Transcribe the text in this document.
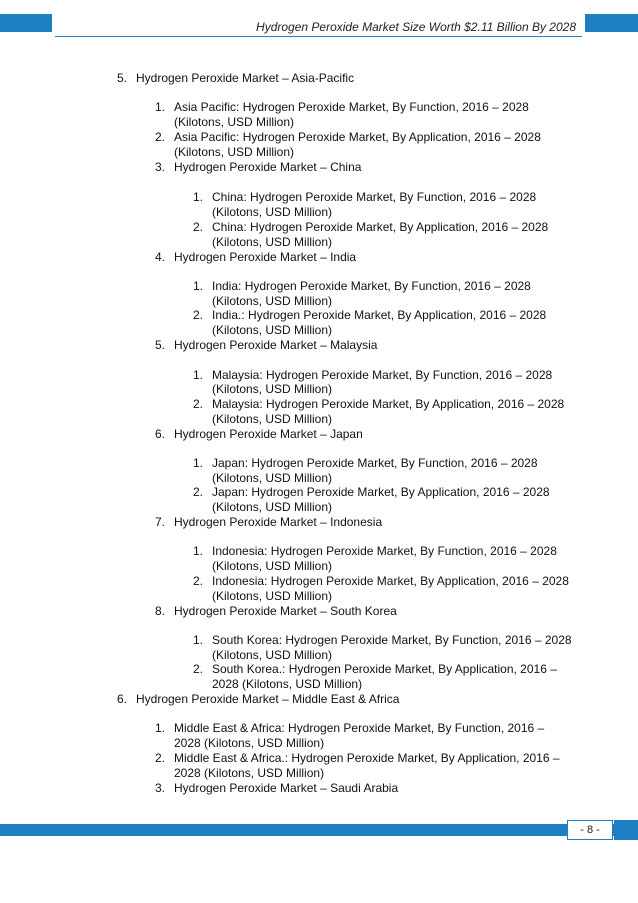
Hydrogen Peroxide Market Size Worth $2.11 Billion By 2028
5. Hydrogen Peroxide Market – Asia-Pacific
1. Asia Pacific: Hydrogen Peroxide Market, By Function, 2016 – 2028
(Kilotons, USD Million)
2. Asia Pacific: Hydrogen Peroxide Market, By Application, 2016 – 2028
(Kilotons, USD Million)
3. Hydrogen Peroxide Market – China
1. China: Hydrogen Peroxide Market, By Function, 2016 – 2028
(Kilotons, USD Million)
2. China: Hydrogen Peroxide Market, By Application, 2016 – 2028
(Kilotons, USD Million)
4. Hydrogen Peroxide Market – India
1. India: Hydrogen Peroxide Market, By Function, 2016 – 2028
(Kilotons, USD Million)
2. India.: Hydrogen Peroxide Market, By Application, 2016 – 2028
(Kilotons, USD Million)
5. Hydrogen Peroxide Market – Malaysia
1. Malaysia: Hydrogen Peroxide Market, By Function, 2016 – 2028
(Kilotons, USD Million)
2. Malaysia: Hydrogen Peroxide Market, By Application, 2016 – 2028
(Kilotons, USD Million)
6. Hydrogen Peroxide Market – Japan
1. Japan: Hydrogen Peroxide Market, By Function, 2016 – 2028
(Kilotons, USD Million)
2. Japan: Hydrogen Peroxide Market, By Application, 2016 – 2028
(Kilotons, USD Million)
7. Hydrogen Peroxide Market – Indonesia
1. Indonesia: Hydrogen Peroxide Market, By Function, 2016 – 2028
(Kilotons, USD Million)
2. Indonesia: Hydrogen Peroxide Market, By Application, 2016 – 2028
(Kilotons, USD Million)
8. Hydrogen Peroxide Market – South Korea
1. South Korea: Hydrogen Peroxide Market, By Function, 2016 – 2028
(Kilotons, USD Million)
2. South Korea.: Hydrogen Peroxide Market, By Application, 2016 –
2028 (Kilotons, USD Million)
6. Hydrogen Peroxide Market – Middle East & Africa
1. Middle East & Africa: Hydrogen Peroxide Market, By Function, 2016 –
2028 (Kilotons, USD Million)
2. Middle East & Africa.: Hydrogen Peroxide Market, By Application, 2016 –
2028 (Kilotons, USD Million)
3. Hydrogen Peroxide Market – Saudi Arabia
- 8 -
